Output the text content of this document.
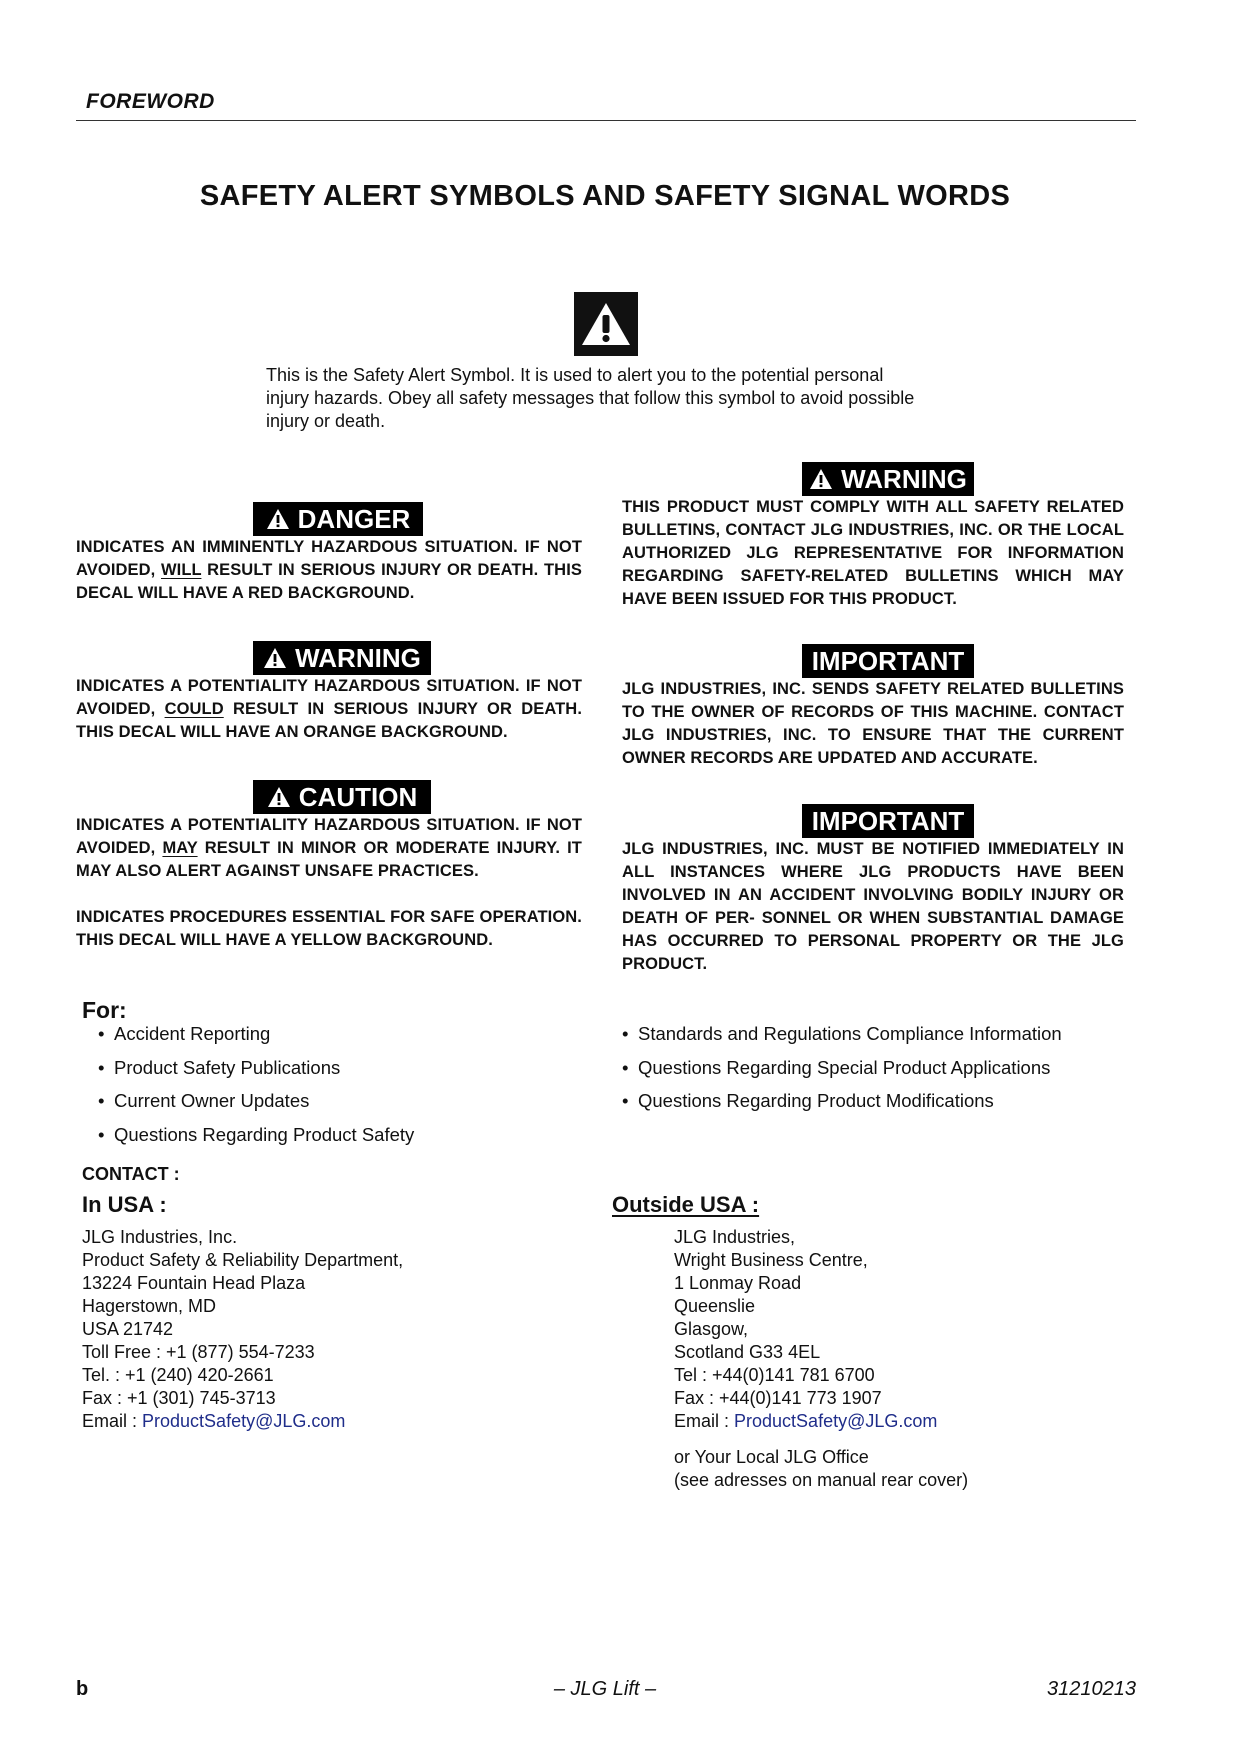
FOREWORD
SAFETY ALERT SYMBOLS AND SAFETY SIGNAL WORDS
This is the Safety Alert Symbol. It is used to alert you to the potential personal
injury hazards. Obey all safety messages that follow this symbol to avoid possible
injury or death.
DANGER
INDICATES AN IMMINENTLY HAZARDOUS SITUATION. IF NOT AVOIDED, WILL RESULT IN SERIOUS INJURY OR DEATH. THIS DECAL WILL HAVE A RED BACKGROUND.
WARNING
INDICATES A POTENTIALITY HAZARDOUS SITUATION. IF NOT AVOIDED, COULD RESULT IN SERIOUS INJURY OR DEATH. THIS DECAL WILL HAVE AN ORANGE BACKGROUND.
CAUTION
INDICATES A POTENTIALITY HAZARDOUS SITUATION. IF NOT AVOIDED, MAY RESULT IN MINOR OR MODERATE INJURY. IT MAY ALSO ALERT AGAINST UNSAFE PRACTICES.
INDICATES PROCEDURES ESSENTIAL FOR SAFE OPERATION. THIS DECAL WILL HAVE A YELLOW BACKGROUND.
WARNING
THIS PRODUCT MUST COMPLY WITH ALL SAFETY RELATED BULLETINS, CONTACT JLG INDUSTRIES, INC. OR THE LOCAL AUTHORIZED JLG REPRESENTATIVE FOR INFORMATION REGARDING SAFETY-RELATED BULLETINS WHICH MAY HAVE BEEN ISSUED FOR THIS PRODUCT.
IMPORTANT
JLG INDUSTRIES, INC. SENDS SAFETY RELATED BULLETINS TO THE OWNER OF RECORDS OF THIS MACHINE. CONTACT JLG INDUSTRIES, INC. TO ENSURE THAT THE CURRENT OWNER RECORDS ARE UPDATED AND ACCURATE.
IMPORTANT
JLG INDUSTRIES, INC. MUST BE NOTIFIED IMMEDIATELY IN ALL INSTANCES WHERE JLG PRODUCTS HAVE BEEN INVOLVED IN AN ACCIDENT INVOLVING BODILY INJURY OR DEATH OF PER- SONNEL OR WHEN SUBSTANTIAL DAMAGE HAS OCCURRED TO PERSONAL PROPERTY OR THE JLG PRODUCT.
For:
• Accident Reporting
• Product Safety Publications
• Current Owner Updates
• Questions Regarding Product Safety
• Standards and Regulations Compliance Information
• Questions Regarding Special Product Applications
• Questions Regarding Product Modifications
CONTACT :
In USA :	Outside USA :
JLG Industries, Inc.
Product Safety & Reliability Department,
13224 Fountain Head Plaza
Hagerstown, MD
USA 21742
Toll Free : +1 (877) 554-7233
Tel. : +1 (240) 420-2661
Fax : +1 (301) 745-3713
Email : ProductSafety@JLG.com
JLG Industries,
Wright Business Centre,
1 Lonmay Road
Queenslie
Glasgow,
Scotland G33 4EL
Tel : +44(0)141 781 6700
Fax : +44(0)141 773 1907
Email : ProductSafety@JLG.com
or Your Local JLG Office
(see adresses on manual rear cover)
b	– JLG Lift –	31210213
